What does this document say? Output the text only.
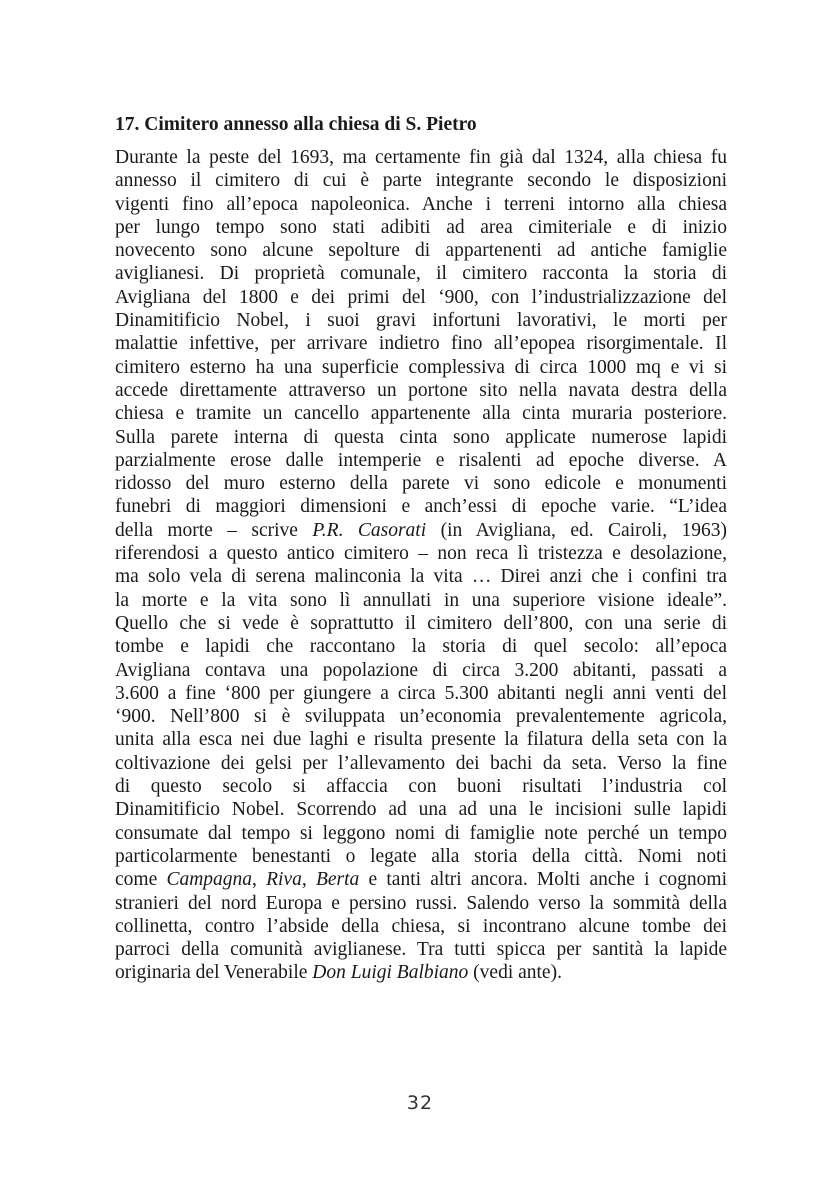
17. Cimitero annesso alla chiesa di S. Pietro
Durante la peste del 1693, ma certamente fin già dal 1324, alla chiesa fu
annesso il cimitero di cui è parte integrante secondo le disposizioni
vigenti fino all’epoca napoleonica. Anche i terreni intorno alla chiesa
per lungo tempo sono stati adibiti ad area cimiteriale e di inizio
novecento sono alcune sepolture di appartenenti ad antiche famiglie
aviglianesi. Di proprietà comunale, il cimitero racconta la storia di
Avigliana del 1800 e dei primi del ‘900, con l’industrializzazione del
Dinamitificio Nobel, i suoi gravi infortuni lavorativi, le morti per
malattie infettive, per arrivare indietro fino all’epopea risorgimentale. Il
cimitero esterno ha una superficie complessiva di circa 1000 mq e vi si
accede direttamente attraverso un portone sito nella navata destra della
chiesa e tramite un cancello appartenente alla cinta muraria posteriore.
Sulla parete interna di questa cinta sono applicate numerose lapidi
parzialmente erose dalle intemperie e risalenti ad epoche diverse. A
ridosso del muro esterno della parete vi sono edicole e monumenti
funebri di maggiori dimensioni e anch’essi di epoche varie. “L’idea
della morte – scrive P.R. Casorati (in Avigliana, ed. Cairoli, 1963)
riferendosi a questo antico cimitero – non reca lì tristezza e desolazione,
ma solo vela di serena malinconia la vita … Direi anzi che i confini tra
la morte e la vita sono lì annullati in una superiore visione ideale”.
Quello che si vede è soprattutto il cimitero dell’800, con una serie di
tombe e lapidi che raccontano la storia di quel secolo: all’epoca
Avigliana contava una popolazione di circa 3.200 abitanti, passati a
3.600 a fine ‘800 per giungere a circa 5.300 abitanti negli anni venti del
‘900. Nell’800 si è sviluppata un’economia prevalentemente agricola,
unita alla esca nei due laghi e risulta presente la filatura della seta con la
coltivazione dei gelsi per l’allevamento dei bachi da seta. Verso la fine
di questo secolo si affaccia con buoni risultati l’industria col
Dinamitificio Nobel. Scorrendo ad una ad una le incisioni sulle lapidi
consumate dal tempo si leggono nomi di famiglie note perché un tempo
particolarmente benestanti o legate alla storia della città. Nomi noti
come Campagna, Riva, Berta e tanti altri ancora. Molti anche i cognomi
stranieri del nord Europa e persino russi. Salendo verso la sommità della
collinetta, contro l’abside della chiesa, si incontrano alcune tombe dei
parroci della comunità aviglianese. Tra tutti spicca per santità la lapide
originaria del Venerabile Don Luigi Balbiano (vedi ante).
32
